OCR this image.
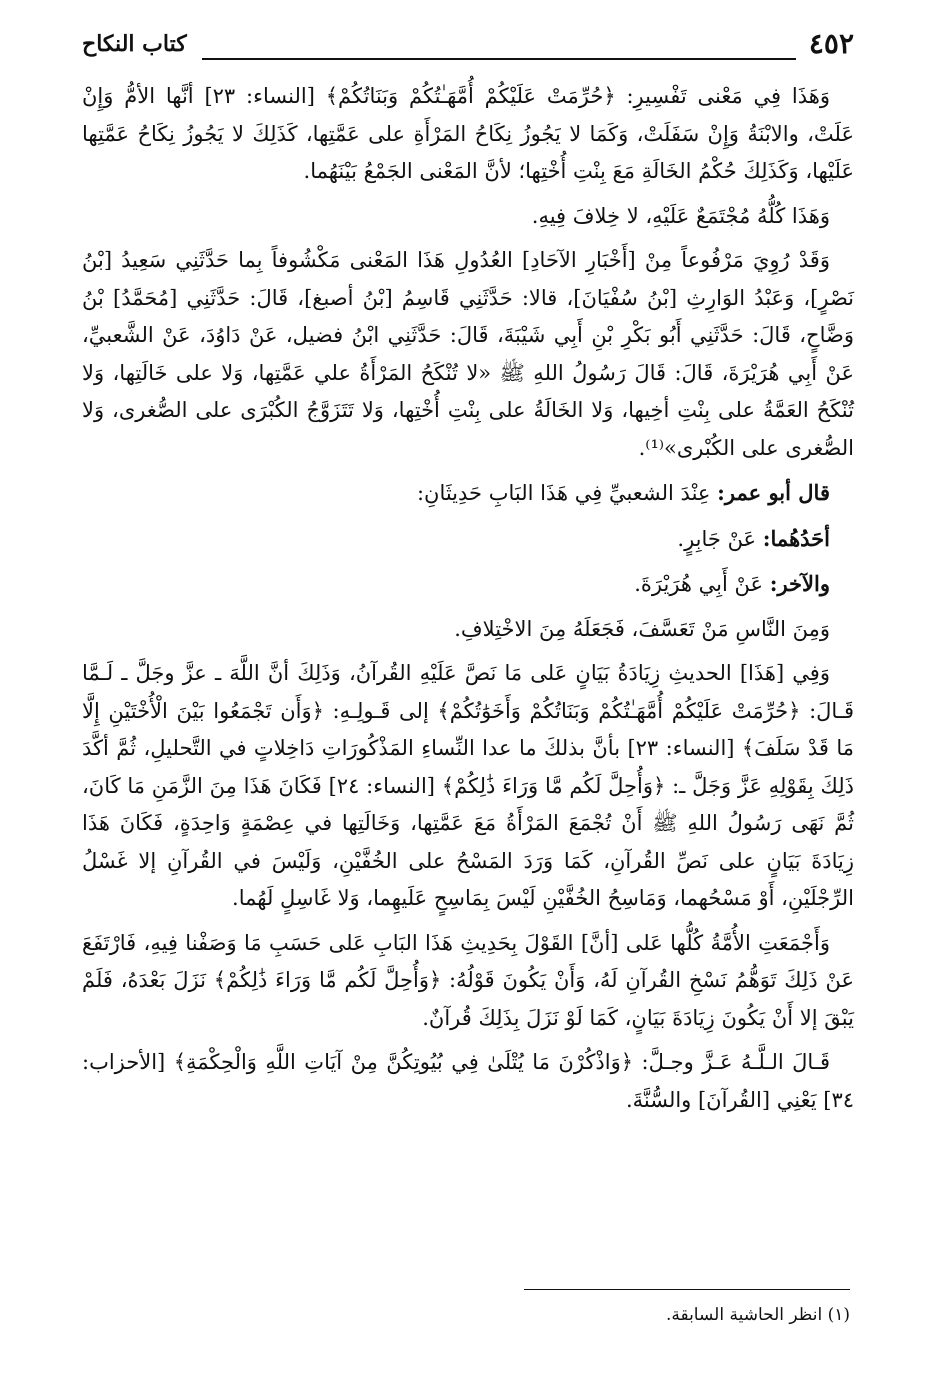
٤٥٢
كتاب النكاح

وَهَذَا فِي مَعْنى تَفْسِيرِ: ﴿حُرِّمَتْ عَلَيْكُمْ أُمَّهَـٰتُكُمْ وَبَنَاتُكُمْ﴾ [النساء: ٢٣] أنَّها الأمُّ وَإِنْ عَلَتْ، والابْنَةُ وَإِنْ سَفَلَتْ، وَكَمَا لا يَجُوزُ نِكَاحُ المَرْأَةِ على عَمَّتِها، كَذَلِكَ لا يَجُوزُ نِكَاحُ عَمَّتِها عَلَيْها، وَكَذَلِكَ حُكْمُ الخَالَةِ مَعَ بِنْتِ أُخْتِها؛ لأنَّ المَعْنى الجَمْعُ بَيْنَهُما.

وَهَذَا كُلُّهُ مُجْتَمَعٌ عَلَيْهِ، لا خِلافَ فِيهِ.

وَقَدْ رُوِيَ مَرْفُوعاً مِنْ [أَخْبَارِ الآحَادِ] العُدُولِ هَذَا المَعْنى مَكْشُوفاً بِما حَدَّثَنِي سَعِيدُ [بْنُ نَصْرٍ]، وَعَبْدُ الوَارِثِ [بْنُ سُفْيَانَ]، قالا: حَدَّثَنِي قَاسِمُ [بْنُ أصبغ]، قَالَ: حَدَّثَنِي [مُحَمَّدُ] بْنُ وَضَّاحٍ، قَالَ: حَدَّثَنِي أَبُو بَكْرِ بْنِ أَبِي شَيْبَةَ، قَالَ: حَدَّثَنِي ابْنُ فضيل، عَنْ دَاوُدَ، عَنْ الشَّعبيِّ، عَنْ أَبِي هُرَيْرَةَ، قَالَ: قَالَ رَسُولُ اللهِ ﷺ «لا تُنْكَحُ المَرْأَةُ علي عَمَّتِها، وَلا على خَالَتِها، وَلا تُنْكَحُ العَمَّةُ على بِنْتِ أخِيها، وَلا الخَالَةُ على بِنْتِ أُخْتِها، وَلا تَتَزَوَّجُ الكُبْرَى على الصُّغرى، وَلا الصُّغرى على الكُبْرى»⁽¹⁾.

قال أبو عمر: عِنْدَ الشعبيِّ فِي هَذَا البَابِ حَدِيثَانِ:

أحَدُهُما: عَنْ جَابِرٍ.

والآخر: عَنْ أَبِي هُرَيْرَةَ.

وَمِنَ النَّاسِ مَنْ تَعَسَّفَ، فَجَعَلَهُ مِنَ الاخْتِلافِ.

وَفِي [هَذَا] الحديثِ زِيَادَةُ بَيَانٍ عَلى مَا نَصَّ عَلَيْهِ القُرآنُ، وَذَلِكَ أنَّ اللَّهَ ـ عزَّ وجَلَّ ـ لَـمَّا قَـالَ: ﴿حُرِّمَتْ عَلَيْكُمْ أُمَّهَـٰتُكُمْ وَبَنَاتُكُمْ وَأَخَوَٰتُكُمْ﴾ إلى قَـولِـهِ: ﴿وَأَن تَجْمَعُوا بَيْنَ الْأُخْتَيْنِ إِلَّا مَا قَدْ سَلَفَ﴾ [النساء: ٢٣] بأنَّ بذلكَ ما عدا النِّساءِ المَذْكُورَاتِ دَاخِلاتٍ في التَّحليلِ، ثُمَّ أكَّدَ ذَلِكَ بِقَوْلِهِ عَزَّ وَجَلَّ ـ: ﴿وَأُحِلَّ لَكُم مَّا وَرَاءَ ذَٰلِكُمْ﴾ [النساء: ٢٤] فَكَانَ هَذَا مِنَ الزَّمَنِ مَا كَانَ، ثُمَّ نَهَى رَسُولُ اللهِ ﷺ أَنْ تُجْمَعَ المَرْأَةُ مَعَ عَمَّتِها، وَخَالَتِها في عِصْمَةٍ وَاحِدَةٍ، فَكَانَ هَذَا زِيَادَةَ بَيَانٍ على نَصِّ القُرآنِ، كَمَا وَرَدَ المَسْحُ على الخُفَّيْنِ، وَلَيْسَ في القُرآنِ إلا غَسْلُ الرِّجْلَيْنِ، أَوْ مَسْحُهما، وَمَاسِحُ الخُفَّيْنِ لَيْسَ بِمَاسِحٍ عَلَيهِما، وَلا غَاسِلٍ لَهُما.

وَأَجْمَعَتِ الأُمَّةُ كُلُّها عَلى [أنَّ] القَوْلَ بِحَدِيثِ هَذَا البَابِ عَلى حَسَبِ مَا وَصَفْنا فِيهِ، فَارْتَفَعَ عَنْ ذَلِكَ تَوَهُّمُ نَسْخِ القُرآنِ لَهُ، وَأَنْ يَكُونَ قَوْلُهُ: ﴿وَأُحِلَّ لَكُم مَّا وَرَاءَ ذَٰلِكُمْ﴾ نَزَلَ بَعْدَهُ، فَلَمْ يَبْقَ إلا أَنْ يَكُونَ زِيَادَةَ بَيَانٍ، كَمَا لَوْ نَزَلَ بِذَلِكَ قُرآنٌ.

قَـالَ الـلَّـهُ عَـزَّ وجـلَّ: ﴿وَاذْكُرْنَ مَا يُتْلَىٰ فِي بُيُوتِكُنَّ مِنْ آيَاتِ اللَّهِ وَالْحِكْمَةِ﴾ [الأحزاب: ٣٤] يَعْنِي [القُرآنَ] والسُّنَّةَ.

(١) انظر الحاشية السابقة.
